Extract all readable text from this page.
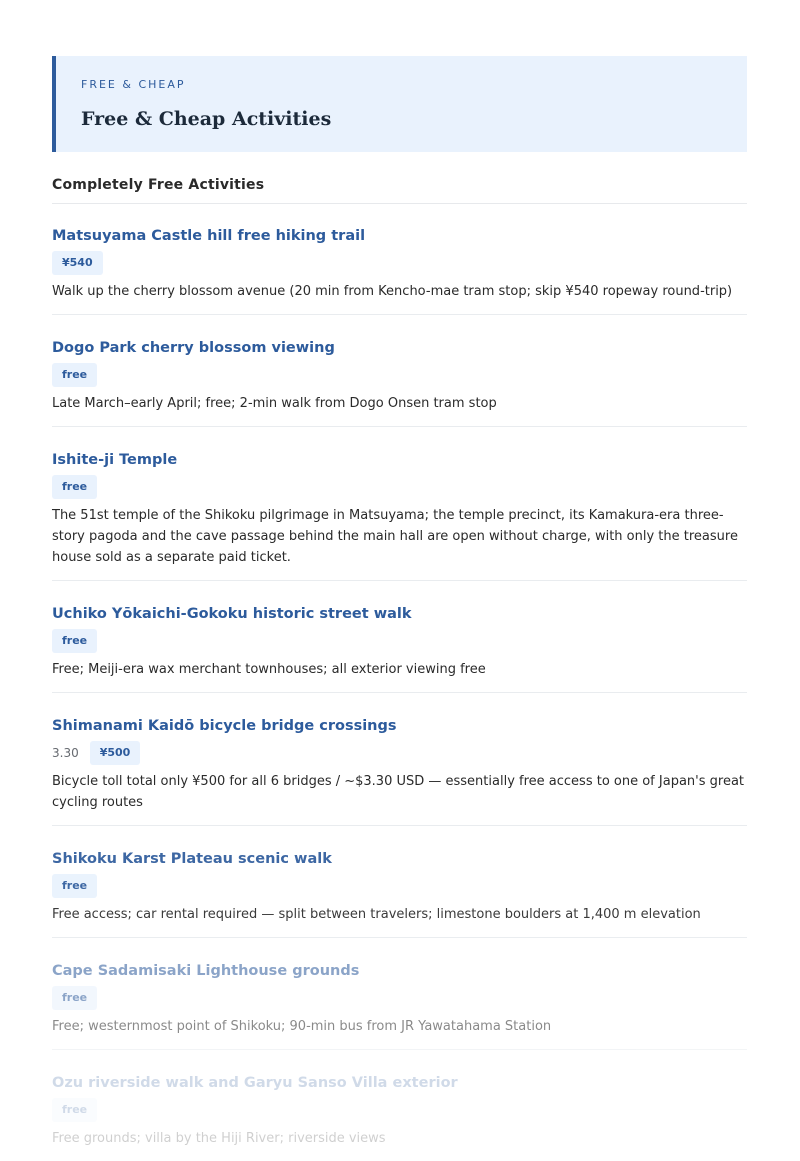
FREE & CHEAP

Free & Cheap Activities
Completely Free Activities
Matsuyama Castle hill free hiking trail
¥540

Walk up the cherry blossom avenue (20 min from Kencho-mae tram stop; skip ¥540 ropeway round-trip)

Dogo Park cherry blossom viewing
free

Late March–early April; free; 2-min walk from Dogo Onsen tram stop

Ishite-ji Temple
free

The 51st temple of the Shikoku pilgrimage in Matsuyama; the temple precinct, its Kamakura-era three-story pagoda and the cave passage behind the main hall are open without charge, with only the treasure house sold as a separate paid ticket.

Uchiko Yōkaichi-Gokoku historic street walk
free

Free; Meiji-era wax merchant townhouses; all exterior viewing free

Shimanami Kaidō bicycle bridge crossings
3.30	¥500

Bicycle toll total only ¥500 for all 6 bridges / ~$3.30 USD — essentially free access to one of Japan's great cycling routes

Shikoku Karst Plateau scenic walk
free

Free access; car rental required — split between travelers; limestone boulders at 1,400 m elevation

Cape Sadamisaki Lighthouse grounds
free

Free; westernmost point of Shikoku; 90-min bus from JR Yawatahama Station

Ozu riverside walk and Garyu Sanso Villa exterior
free

Free grounds; villa by the Hiji River; riverside views
